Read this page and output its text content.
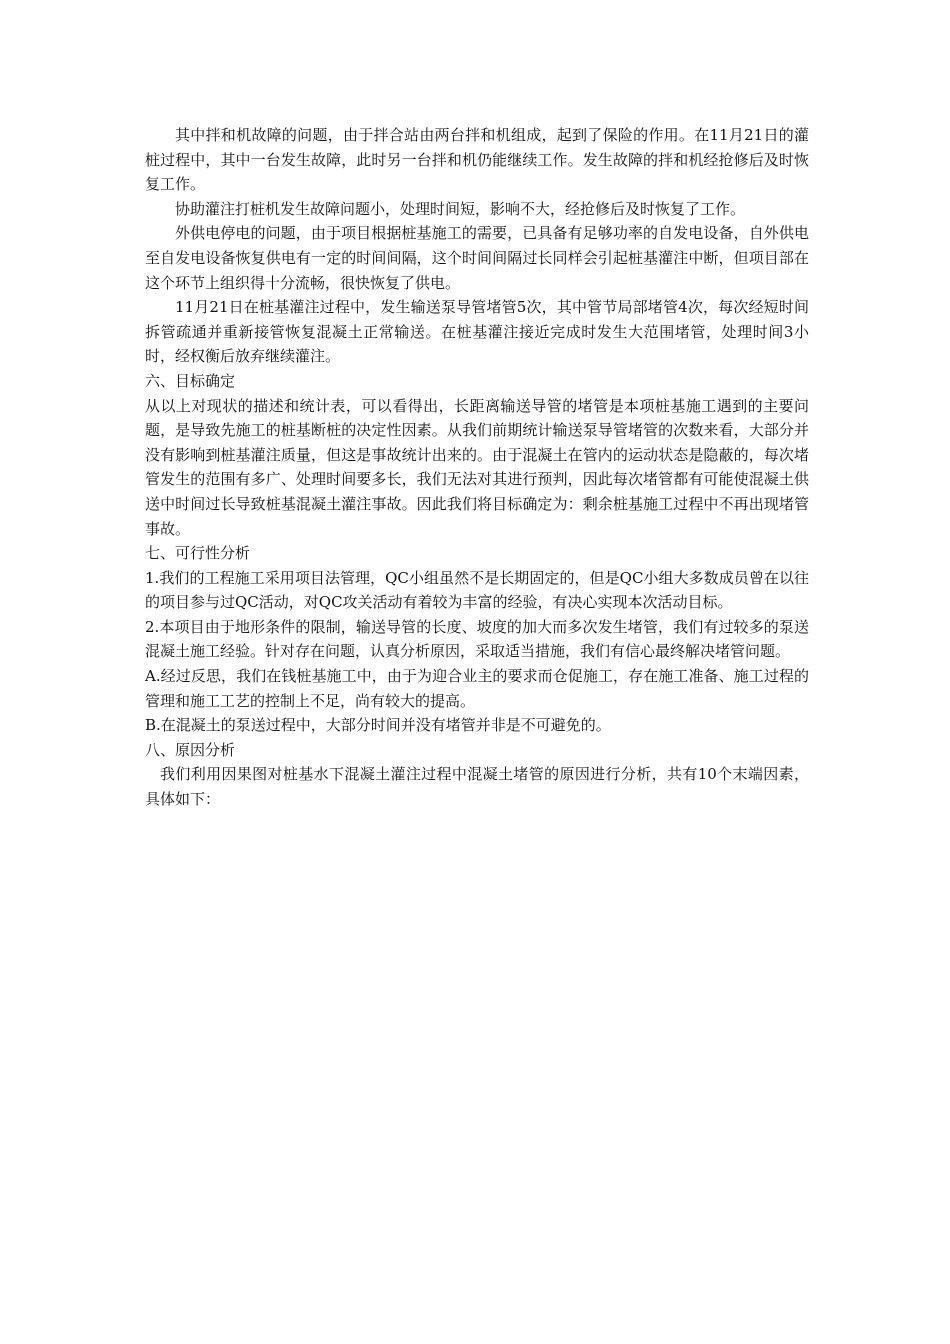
其中拌和机故障的问题，由于拌合站由两台拌和机组成，起到了保险的作用。在11月21日的灌桩过程中，其中一台发生故障，此时另一台拌和机仍能继续工作。发生故障的拌和机经抢修后及时恢复工作。

协助灌注打桩机发生故障问题小，处理时间短，影响不大，经抢修后及时恢复了工作。

外供电停电的问题，由于项目根据桩基施工的需要，已具备有足够功率的自发电设备，自外供电至自发电设备恢复供电有一定的时间间隔，这个时间间隔过长同样会引起桩基灌注中断，但项目部在这个环节上组织得十分流畅，很快恢复了供电。

11月21日在桩基灌注过程中，发生输送泵导管堵管5次，其中管节局部堵管4次，每次经短时间拆管疏通并重新接管恢复混凝土正常输送。在桩基灌注接近完成时发生大范围堵管，处理时间3小时，经权衡后放弃继续灌注。

六、目标确定

从以上对现状的描述和统计表，可以看得出，长距离输送导管的堵管是本项桩基施工遇到的主要问题，是导致先施工的桩基断桩的决定性因素。从我们前期统计输送泵导管堵管的次数来看，大部分并没有影响到桩基灌注质量，但这是事故统计出来的。由于混凝土在管内的运动状态是隐蔽的，每次堵管发生的范围有多广、处理时间要多长，我们无法对其进行预判，因此每次堵管都有可能使混凝土供送中时间过长导致桩基混凝土灌注事故。因此我们将目标确定为：剩余桩基施工过程中不再出现堵管事故。

七、可行性分析

1.我们的工程施工采用项目法管理，QC小组虽然不是长期固定的，但是QC小组大多数成员曾在以往的项目参与过QC活动，对QC攻关活动有着较为丰富的经验，有决心实现本次活动目标。

2.本项目由于地形条件的限制，输送导管的长度、坡度的加大而多次发生堵管，我们有过较多的泵送混凝土施工经验。针对存在问题，认真分析原因，采取适当措施，我们有信心最终解决堵管问题。

A.经过反思，我们在钱桩基施工中，由于为迎合业主的要求而仓促施工，存在施工准备、施工过程的管理和施工工艺的控制上不足，尚有较大的提高。

B.在混凝土的泵送过程中，大部分时间并没有堵管并非是不可避免的。

八、原因分析

我们利用因果图对桩基水下混凝土灌注过程中混凝土堵管的原因进行分析，共有10个末端因素，具体如下：
